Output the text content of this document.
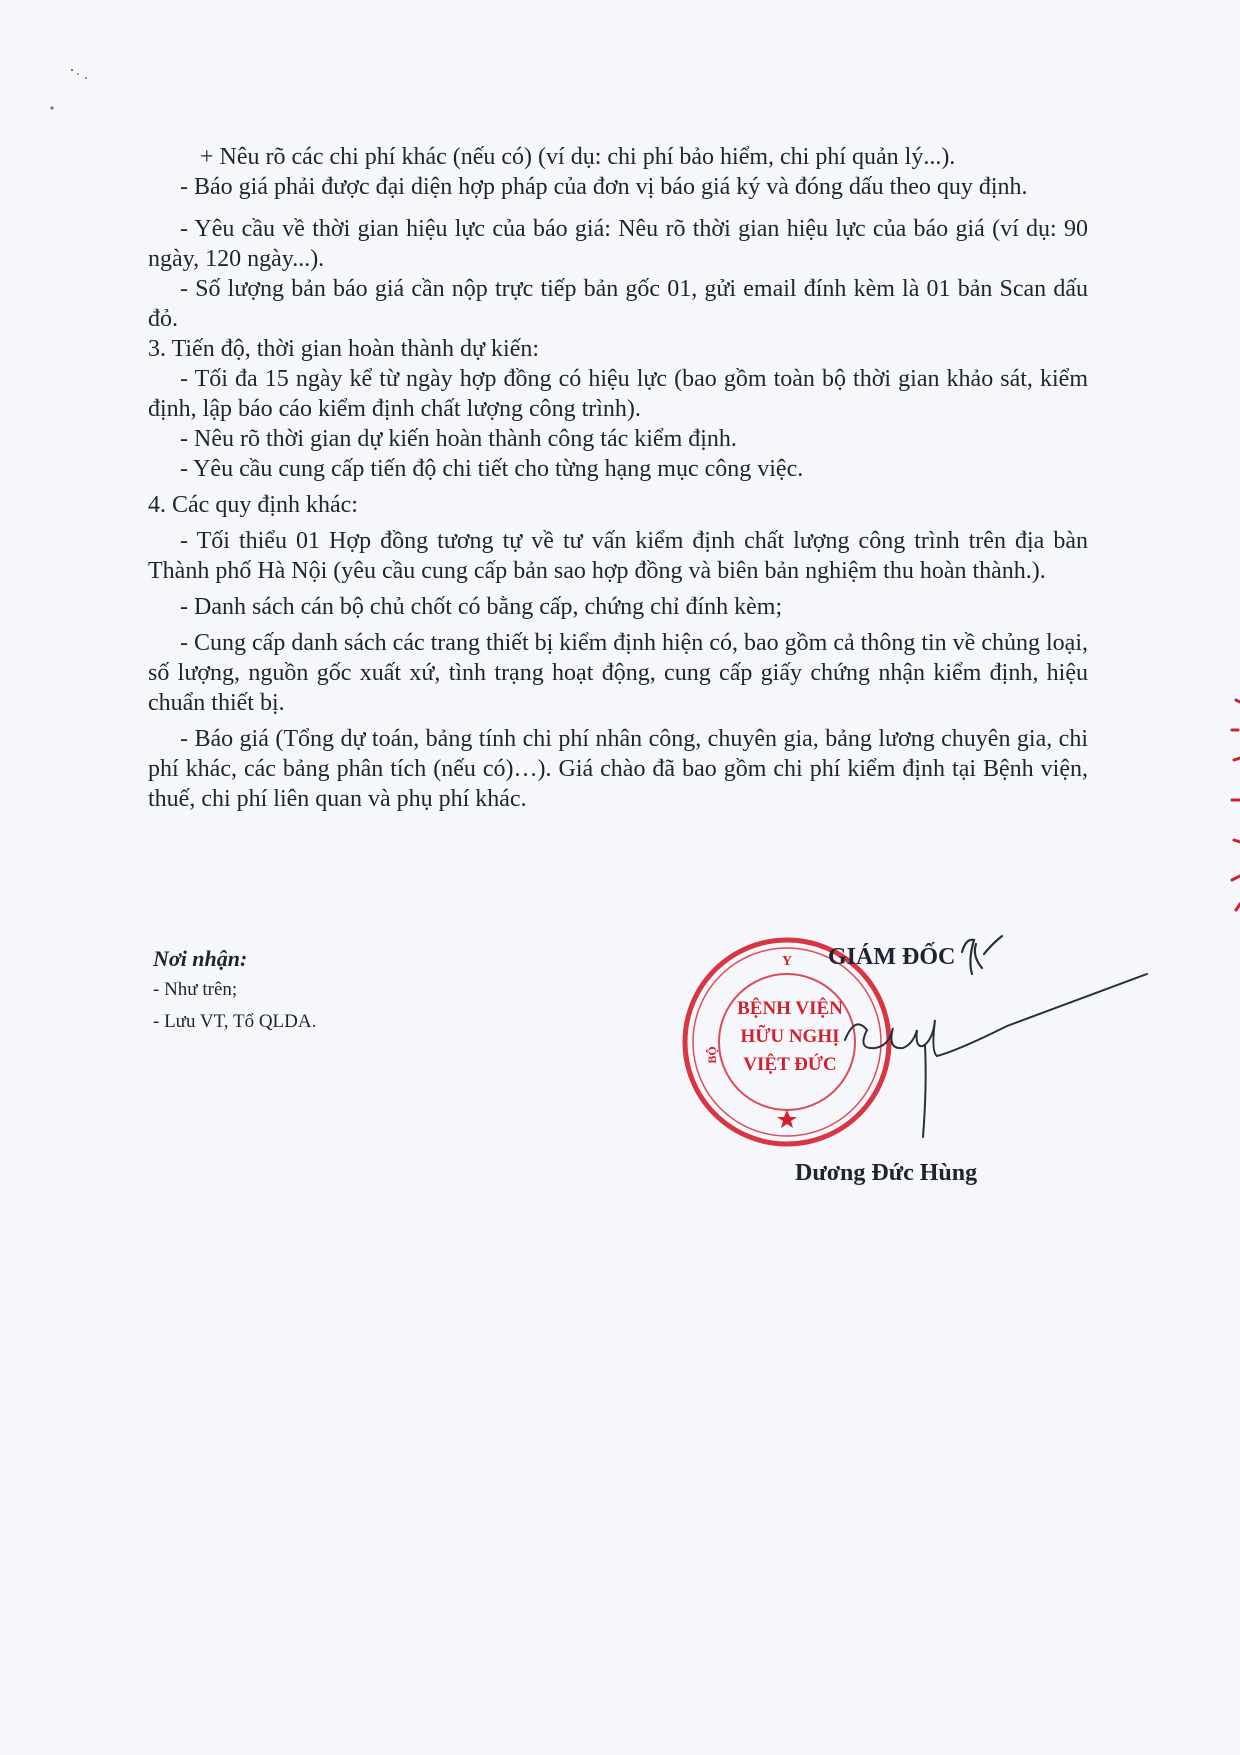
+ Nêu rõ các chi phí khác (nếu có) (ví dụ: chi phí bảo hiểm, chi phí quản lý...).

- Báo giá phải được đại diện hợp pháp của đơn vị báo giá ký và đóng dấu theo quy định.

- Yêu cầu về thời gian hiệu lực của báo giá: Nêu rõ thời gian hiệu lực của báo giá (ví dụ: 90 ngày, 120 ngày...).

- Số lượng bản báo giá cần nộp trực tiếp bản gốc 01, gửi email đính kèm là 01 bản Scan dấu đỏ.

3. Tiến độ, thời gian hoàn thành dự kiến:

- Tối đa 15 ngày kể từ ngày hợp đồng có hiệu lực (bao gồm toàn bộ thời gian khảo sát, kiểm định, lập báo cáo kiểm định chất lượng công trình).

- Nêu rõ thời gian dự kiến hoàn thành công tác kiểm định.

- Yêu cầu cung cấp tiến độ chi tiết cho từng hạng mục công việc.

4. Các quy định khác:

- Tối thiểu 01 Hợp đồng tương tự về tư vấn kiểm định chất lượng công trình trên địa bàn Thành phố Hà Nội (yêu cầu cung cấp bản sao hợp đồng và biên bản nghiệm thu hoàn thành.).

- Danh sách cán bộ chủ chốt có bằng cấp, chứng chỉ đính kèm;

- Cung cấp danh sách các trang thiết bị kiểm định hiện có, bao gồm cả thông tin về chủng loại, số lượng, nguồn gốc xuất xứ, tình trạng hoạt động, cung cấp giấy chứng nhận kiểm định, hiệu chuẩn thiết bị.

- Báo giá (Tổng dự toán, bảng tính chi phí nhân công, chuyên gia, bảng lương chuyên gia, chi phí khác, các bảng phân tích (nếu có)…). Giá chào đã bao gồm chi phí kiểm định tại Bệnh viện, thuế, chi phí liên quan và phụ phí khác.

Nơi nhận:

- Như trên;

- Lưu VT, Tổ QLDA.

Y
BỘ
BỆNH VIỆN
HỮU NGHỊ
VIỆT ĐỨC

GIÁM ĐỐC

Dương Đức Hùng
